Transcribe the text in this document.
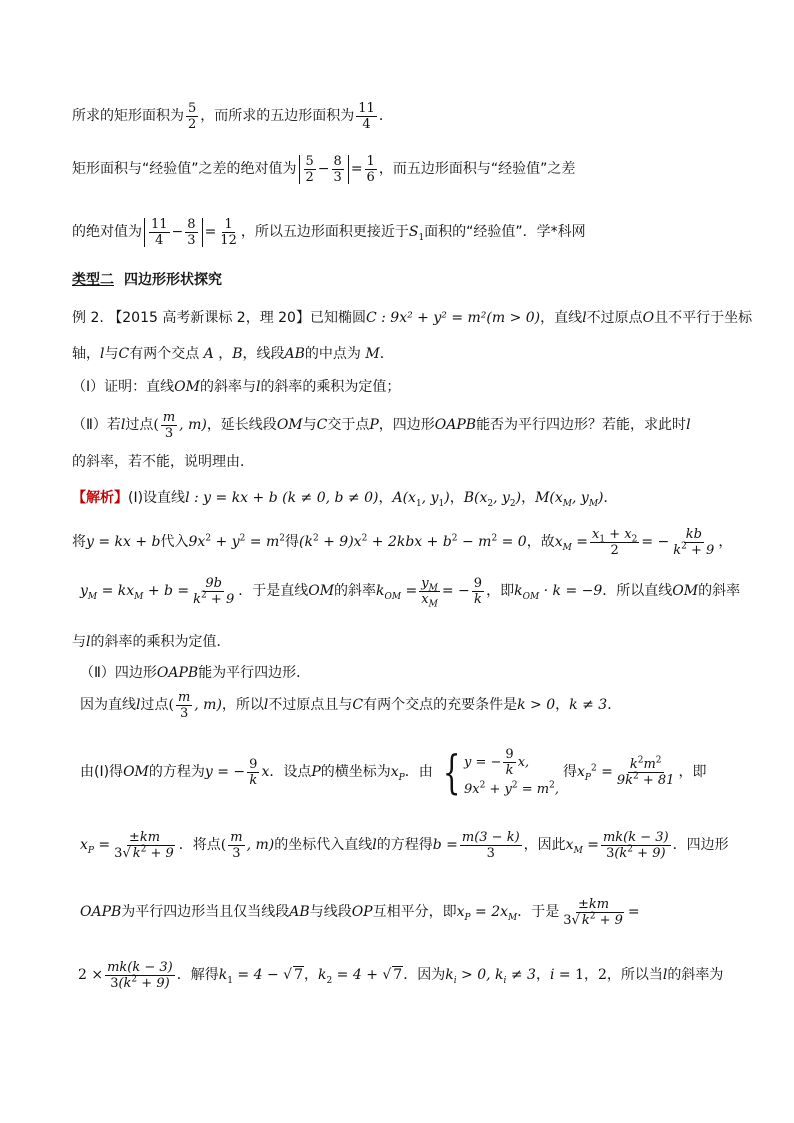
所求的矩形面积为 $\frac{5}{2}$ ，而所求的五边形面积为 $\frac{11}{4}$ ．
矩形面积与“经验值”之差的绝对值为 $\frac{5}{2} - \frac{8}{3} = \frac{1}{6}$ ，而五边形面积与“经验值”之差
的绝对值为 $\frac{11}{4} - \frac{8}{3} = \frac{1}{12}$ ，所以五边形面积更接近于 $S_1$ 面积的“经验值”．学*科网
类型二 四边形形状探究
例 2. 【2015 高考新课标 2，理 20】已知椭圆 C : 9x² + y² = m²(m > 0) ，直线 l 不过原点 O 且不平行于坐标
轴， l 与 C 有两个交点 A ， B ，线段 AB 的中点为 M ．
（Ⅰ）证明：直线 OM 的斜率与 l 的斜率的乘积为定值；
（Ⅱ）若 l 过点 ( $\frac{m}{3}$ , m) ，延长线段 OM 与 C 交于点 P ，四边形 OAPB 能否为平行四边形？若能，求此时 l
的斜率，若不能，说明理由．
【解析】 (Ⅰ)设直线 l : y = kx + b (k ≠ 0, b ≠ 0) ， $A(x_1$, $y_1$) ， $B(x_2$, $y_2$) ， $M(x_M$, $y_M$) ．
将 y = kx + b 代入 $9x^2 + y^2 = m^2$ 得 $(k^2 + 9)x^2 + 2kbx + b^2 - m^2 = 0$ ，故 $x_M = \frac{x_1 + x_2}{2}$ = − $\frac{kb}{k^2 + 9}$ ，
$y_M = kx_M + b = \frac{9b}{k^2 + 9}$ ．于是直线 OM 的斜率 $k_{OM} = \frac{y_M}{x_M}$ = − $\frac{9}{k}$ ，即 $k_{OM} \cdot k = -9$ ．所以直线 OM 的斜率
与 l 的斜率的乘积为定值．
（Ⅱ）四边形 OAPB 能为平行四边形．
因为直线 l 过点 ( $\frac{m}{3}$ , m) ，所以 l 不过原点且与 C 有两个交点的充要条件是 k > 0 ， k ≠ 3 ．
由(Ⅰ)得 OM 的方程为 y = − $\frac{9}{k}$ x ．设点 P 的横坐标为 $x_P$ ．由 { y = − $\frac{9}{k} x$,
$9x^2 + y^2 = m^2$,
得 $x_P^2 = \frac{k^2m^2}{9k^2 + 81}$ ，即
$x_P = \frac{\pm km}{3√ k^2 + 9}$ ．将点 ( $\frac{m}{3}$ , m) 的坐标代入直线 l 的方程得 $b = \frac{m(3 - k)}{3}$ ，因此 $x_M = \frac{mk(k - 3)}{3(k^2 + 9)}$ ．四边形
OAPB 为平行四边形当且仅当线段 AB 与线段 OP 互相平分，即 $x_P = 2x_M$ ．于是 $\frac{\pm km}{3√ k^2 + 9}$ =
$2 \times \frac{mk(k - 3)}{3(k^2 + 9)}$ ．解得 $k_1 = 4$ − √ 7 ， $k_2 = 4$ + √ 7 ．因为 $k_i > 0$, $k_i \ne 3$ ， i = 1 ， 2 ，所以当 l 的斜率为
